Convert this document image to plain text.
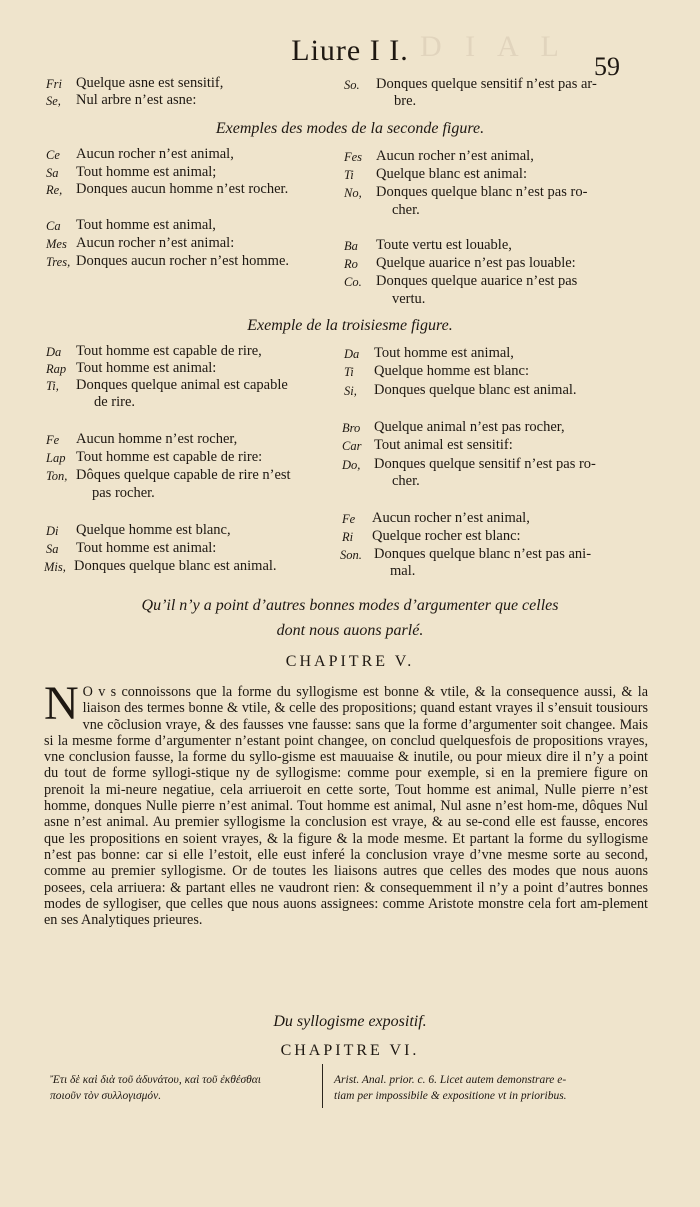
D I A L
Liure I I.	59
Fri Quelque asne est sensitif,
Se, Nul arbre n’est asne:
So. Donques quelque sensitif n’est pas ar-
bre.
Exemples des modes de la seconde figure.
Ce Aucun rocher n’est animal,
Sa Tout homme est animal;
Re, Donques aucun homme n’est rocher.
Ca Tout homme est animal,
Mes Aucun rocher n’est animal:
Tres, Donques aucun rocher n’est homme.
Fes Aucun rocher n’est animal,
Ti Quelque blanc est animal:
No, Donques quelque blanc n’est pas ro-
cher.
Ba Toute vertu est louable,
Ro Quelque auarice n’est pas louable:
Co. Donques quelque auarice n’est pas
vertu.
Exemple de la troisiesme figure.
Da Tout homme est capable de rire,
Rap Tout homme est animal:
Ti, Donques quelque animal est capable
de rire.
Fe Aucun homme n’est rocher,
Lap Tout homme est capable de rire:
Ton, Dôques quelque capable de rire n’est
pas rocher.
Di Quelque homme est blanc,
Sa Tout homme est animal:
Mis, Donques quelque blanc est animal.
Da Tout homme est animal,
Ti Quelque homme est blanc:
Si, Donques quelque blanc est animal.
Bro Quelque animal n’est pas rocher,
Car Tout animal est sensitif:
Do, Donques quelque sensitif n’est pas ro-
cher.
Fe Aucun rocher n’est animal,
Ri Quelque rocher est blanc:
Son. Donques quelque blanc n’est pas ani-
mal.
Qu’il n’y a point d’autres bonnes modes d’argumenter que celles
dont nous auons parlé.
CHAPITRE V.
N O v s connoissons que la forme du syllogisme est bonne & vtile, & la consequence aussi, & la liaison des termes bonne & vtile, & celle des propositions; quand estant vrayes il s’ensuit tousiours vne cõclusion vraye, & des fausses vne fausse: sans que la forme d’argumenter soit changee. Mais si la mesme forme d’argumenter n’estant point changee, on conclud quelquesfois de propositions vrayes, vne conclusion fausse, la forme du syllo-gisme est mauuaise & inutile, ou pour mieux dire il n’y a point du tout de forme syllogi-stique ny de syllogisme: comme pour exemple, si en la premiere figure on prenoit la mi-neure negatiue, cela arriueroit en cette sorte, Tout homme est animal, Nulle pierre n’est homme, donques Nulle pierre n’est animal. Tout homme est animal, Nul asne n’est hom-me, dôques Nul asne n’est animal. Au premier syllogisme la conclusion est vraye, & au se-cond elle est fausse, encores que les propositions en soient vrayes, & la figure & la mode mesme. Et partant la forme du syllogisme n’est pas bonne: car si elle l’estoit, elle eust inferé la conclusion vraye d’vne mesme sorte au second, comme au premier syllogisme. Or de toutes les liaisons autres que celles des modes que nous auons posees, cela arriuera: & partant elles ne vaudront rien: & consequemment il n’y a point d’autres bonnes modes de syllogiser, que celles que nous auons assignees: comme Aristote monstre cela fort am-plement en ses Analytiques prieures.
Du syllogisme expositif.
CHAPITRE VI.
Ἔτι δὲ καὶ διὰ τοῦ ἀδυνάτου, καὶ τοῦ ἐκθέσθαι
ποιοῦν τὸν συλλογισμόν.
Arist. Anal. prior. c. 6. Licet autem demonstrare e-
tiam per impossibile & expositione vt in prioribus.
